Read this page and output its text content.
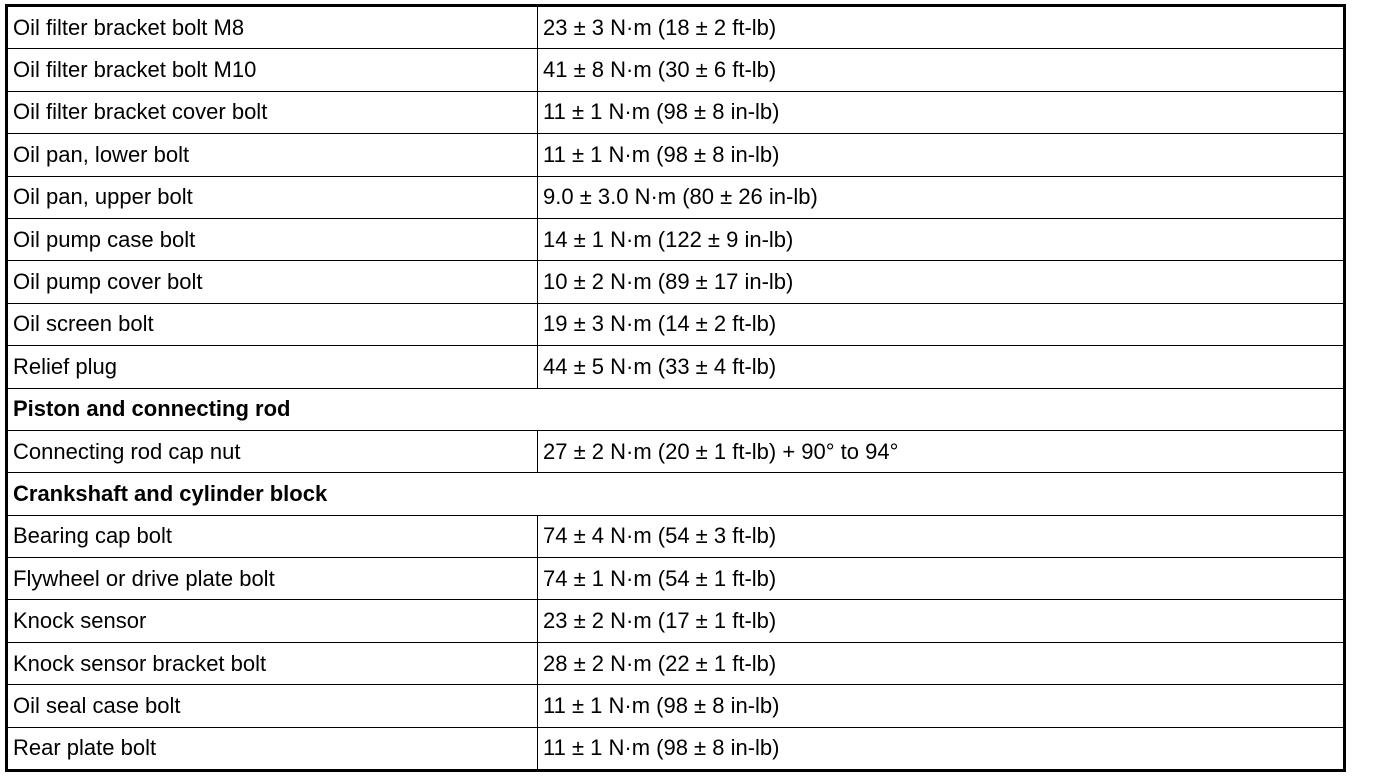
Oil filter bracket bolt M8	23 ± 3 N·m (18 ± 2 ft-lb)
Oil filter bracket bolt M10	41 ± 8 N·m (30 ± 6 ft-lb)
Oil filter bracket cover bolt	11 ± 1 N·m (98 ± 8 in-lb)
Oil pan, lower bolt	11 ± 1 N·m (98 ± 8 in-lb)
Oil pan, upper bolt	9.0 ± 3.0 N·m (80 ± 26 in-lb)
Oil pump case bolt	14 ± 1 N·m (122 ± 9 in-lb)
Oil pump cover bolt	10 ± 2 N·m (89 ± 17 in-lb)
Oil screen bolt	19 ± 3 N·m (14 ± 2 ft-lb)
Relief plug	44 ± 5 N·m (33 ± 4 ft-lb)
Piston and connecting rod	
Connecting rod cap nut	27 ± 2 N·m (20 ± 1 ft-lb) + 90° to 94°
Crankshaft and cylinder block	
Bearing cap bolt	74 ± 4 N·m (54 ± 3 ft-lb)
Flywheel or drive plate bolt	74 ± 1 N·m (54 ± 1 ft-lb)
Knock sensor	23 ± 2 N·m (17 ± 1 ft-lb)
Knock sensor bracket bolt	28 ± 2 N·m (22 ± 1 ft-lb)
Oil seal case bolt	11 ± 1 N·m (98 ± 8 in-lb)
Rear plate bolt	11 ± 1 N·m (98 ± 8 in-lb)
